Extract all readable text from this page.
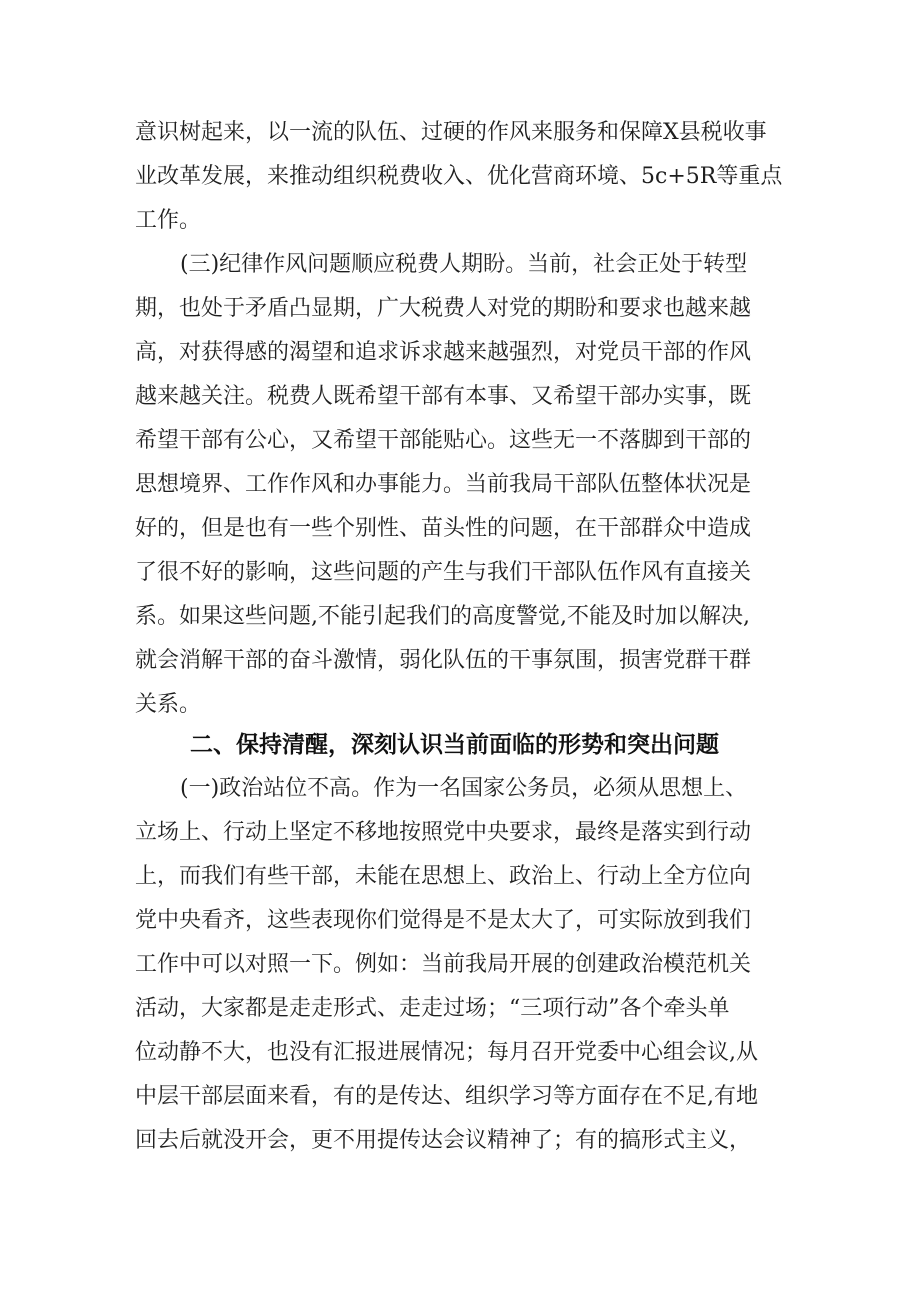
意识树起来，以一流的队伍、过硬的作风来服务和保障X县税收事

业改革发展，来推动组织税费收入、优化营商环境、5c+5R等重点

工作。

(三)纪律作风问题顺应税费人期盼。当前，社会正处于转型

期，也处于矛盾凸显期，广大税费人对党的期盼和要求也越来越

高，对获得感的渴望和追求诉求越来越强烈，对党员干部的作风

越来越关注。税费人既希望干部有本事、又希望干部办实事，既

希望干部有公心，又希望干部能贴心。这些无一不落脚到干部的

思想境界、工作作风和办事能力。当前我局干部队伍整体状况是

好的，但是也有一些个别性、苗头性的问题，在干部群众中造成

了很不好的影响，这些问题的产生与我们干部队伍作风有直接关

系。如果这些问题,不能引起我们的高度警觉,不能及时加以解决,

就会消解干部的奋斗激情，弱化队伍的干事氛围，损害党群干群

关系。

二、保持清醒，深刻认识当前面临的形势和突出问题

(一)政治站位不高。作为一名国家公务员，必须从思想上、

立场上、行动上坚定不移地按照党中央要求，最终是落实到行动

上，而我们有些干部，未能在思想上、政治上、行动上全方位向

党中央看齐，这些表现你们觉得是不是太大了，可实际放到我们

工作中可以对照一下。例如：当前我局开展的创建政治模范机关

活动，大家都是走走形式、走走过场；“三项行动”各个牵头单

位动静不大，也没有汇报进展情况；每月召开党委中心组会议,从

中层干部层面来看，有的是传达、组织学习等方面存在不足,有地

回去后就没开会，更不用提传达会议精神了；有的搞形式主义，
